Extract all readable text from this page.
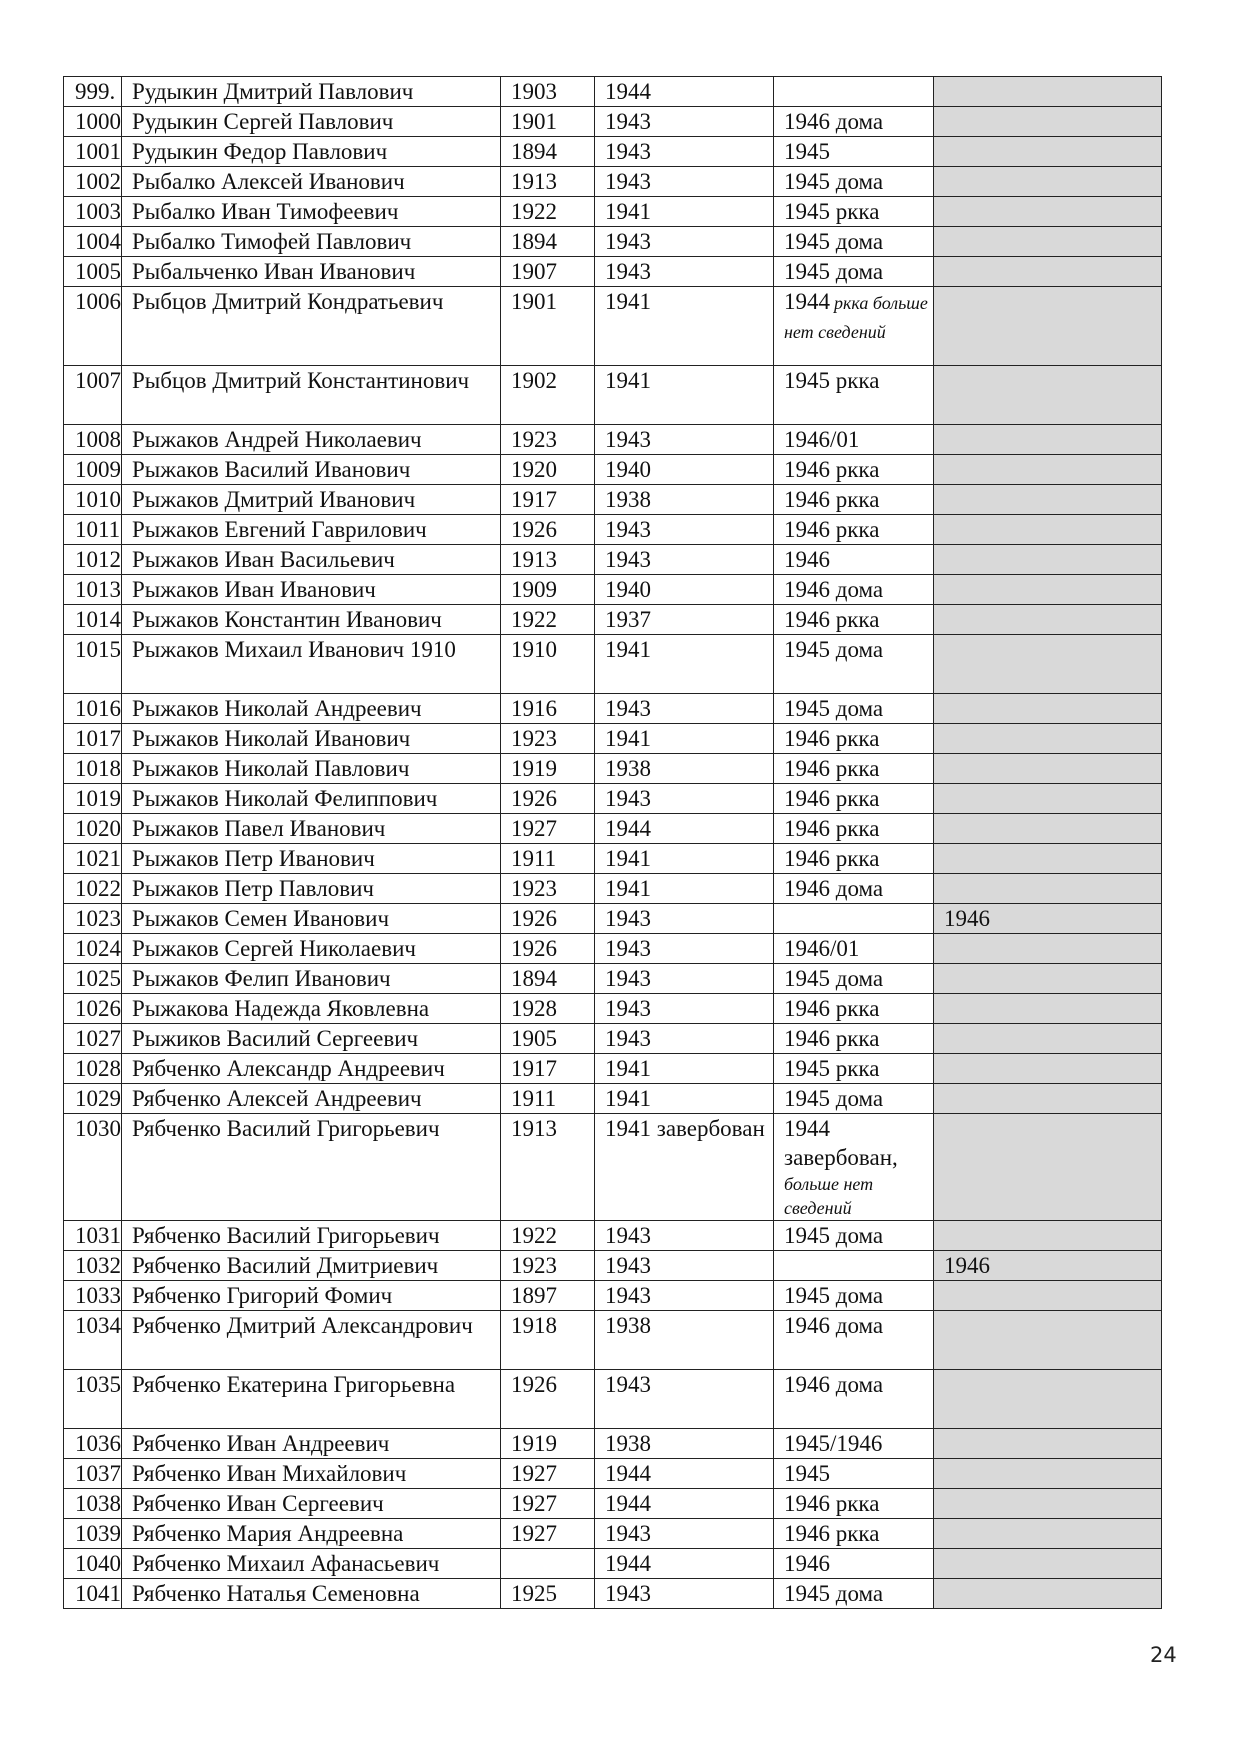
999.	Рудыкин Дмитрий Павлович	1903	1944		
1000	Рудыкин Сергей Павлович	1901	1943	1946 дома	
1001	Рудыкин Федор Павлович	1894	1943	1945	
1002	Рыбалко Алексей Иванович	1913	1943	1945 дома	
1003	Рыбалко Иван Тимофеевич	1922	1941	1945 ркка	
1004	Рыбалко Тимофей Павлович	1894	1943	1945 дома	
1005	Рыбальченко Иван Иванович	1907	1943	1945 дома	
1006	Рыбцов Дмитрий Кондратьевич	1901	1941	1944 ркка больше нет сведений	
1007	Рыбцов Дмитрий Константинович	1902	1941	1945 ркка	
1008	Рыжаков Андрей Николаевич	1923	1943	1946/01	
1009	Рыжаков Василий Иванович	1920	1940	1946 ркка	
1010	Рыжаков Дмитрий Иванович	1917	1938	1946 ркка	
1011	Рыжаков Евгений Гаврилович	1926	1943	1946 ркка	
1012	Рыжаков Иван Васильевич	1913	1943	1946	
1013	Рыжаков Иван Иванович	1909	1940	1946 дома	
1014	Рыжаков Константин Иванович	1922	1937	1946 ркка	
1015	Рыжаков Михаил Иванович 1910	1910	1941	1945 дома	
1016	Рыжаков Николай Андреевич	1916	1943	1945 дома	
1017	Рыжаков Николай Иванович	1923	1941	1946 ркка	
1018	Рыжаков Николай Павлович	1919	1938	1946 ркка	
1019	Рыжаков Николай Фелиппович	1926	1943	1946 ркка	
1020	Рыжаков Павел Иванович	1927	1944	1946 ркка	
1021	Рыжаков Петр Иванович	1911	1941	1946 ркка	
1022	Рыжаков Петр Павлович	1923	1941	1946 дома	
1023	Рыжаков Семен Иванович	1926	1943		1946
1024	Рыжаков Сергей Николаевич	1926	1943	1946/01	
1025	Рыжаков Фелип Иванович	1894	1943	1945 дома	
1026	Рыжакова Надежда Яковлевна	1928	1943	1946 ркка	
1027	Рыжиков Василий Сергеевич	1905	1943	1946 ркка	
1028	Рябченко Александр Андреевич	1917	1941	1945 ркка	
1029	Рябченко Алексей Андреевич	1911	1941	1945 дома	
1030	Рябченко Василий Григорьевич	1913	1941 завербован	1944 завербован,
больше нет сведений	

1031	Рябченко Василий Григорьевич	1922	1943	1945 дома	
1032	Рябченко Василий Дмитриевич	1923	1943		1946
1033	Рябченко Григорий Фомич	1897	1943	1945 дома	
1034	Рябченко Дмитрий Александрович	1918	1938	1946 дома	
1035	Рябченко Екатерина Григорьевна	1926	1943	1946 дома	
1036	Рябченко Иван Андреевич	1919	1938	1945/1946	
1037	Рябченко Иван Михайлович	1927	1944	1945	
1038	Рябченко Иван Сергеевич	1927	1944	1946 ркка	
1039	Рябченко Мария Андреевна	1927	1943	1946 ркка	
1040	Рябченко Михаил Афанасьевич		1944	1946	
1041	Рябченко Наталья Семеновна	1925	1943	1945 дома	
24
